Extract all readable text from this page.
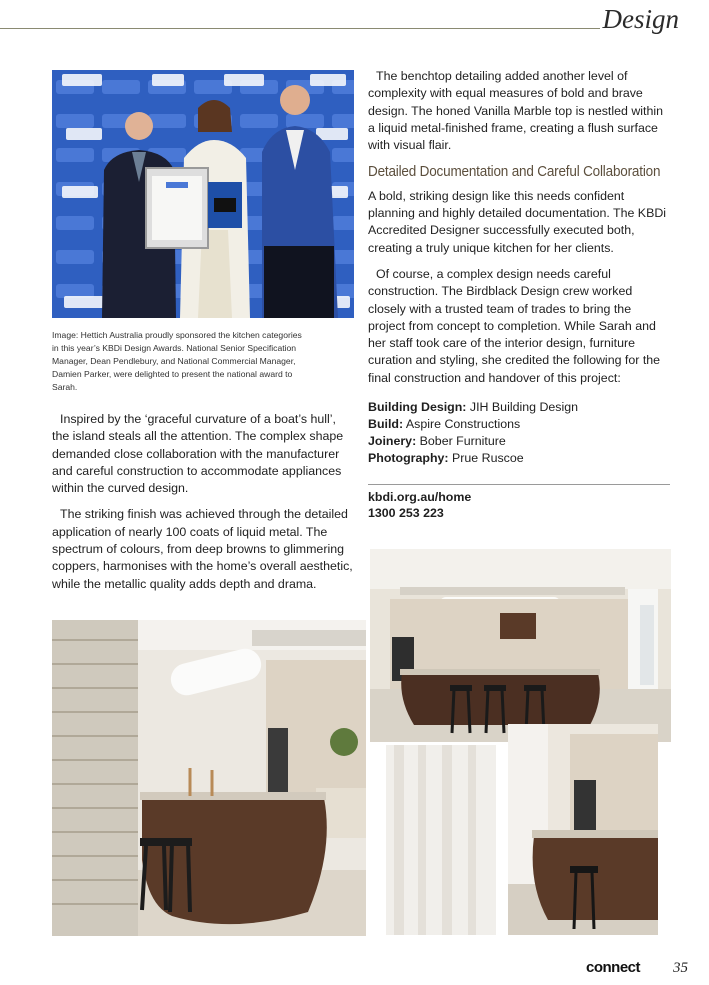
Design
Image: Hettich Australia proudly sponsored the kitchen categories in this year’s KBDi Design Awards. National Senior Specification Manager, Dean Pendlebury, and National Commercial Manager, Damien Parker, were delighted to present the national award to Sarah.

Inspired by the ‘graceful curvature of a boat’s hull’, the island steals all the attention. The complex shape demanded close collaboration with the manufacturer and careful construction to accommodate appliances within the curved design.

The striking finish was achieved through the detailed application of nearly 100 coats of liquid metal. The spectrum of colours, from deep browns to glimmering coppers, harmonises with the home’s overall aesthetic, while the metallic quality adds depth and drama.

The benchtop detailing added another level of complexity with equal measures of bold and brave design. The honed Vanilla Marble top is nestled within a liquid metal-finished frame, creating a flush surface with visual flair.

Detailed Documentation and Careful Collaboration

A bold, striking design like this needs confident planning and highly detailed documentation. The KBDi Accredited Designer successfully executed both, creating a truly unique kitchen for her clients.

Of course, a complex design needs careful construction. The Birdblack Design crew worked closely with a trusted team of trades to bring the project from concept to completion. While Sarah and her staff took care of the interior design, furniture curation and styling, she credited the following for the final construction and handover of this project:

Building Design: JIH Building Design
Build: Aspire Constructions
Joinery: Bober Furniture
Photography: Prue Ruscoe
kbdi.org.au/home
1300 253 223
connect 35
